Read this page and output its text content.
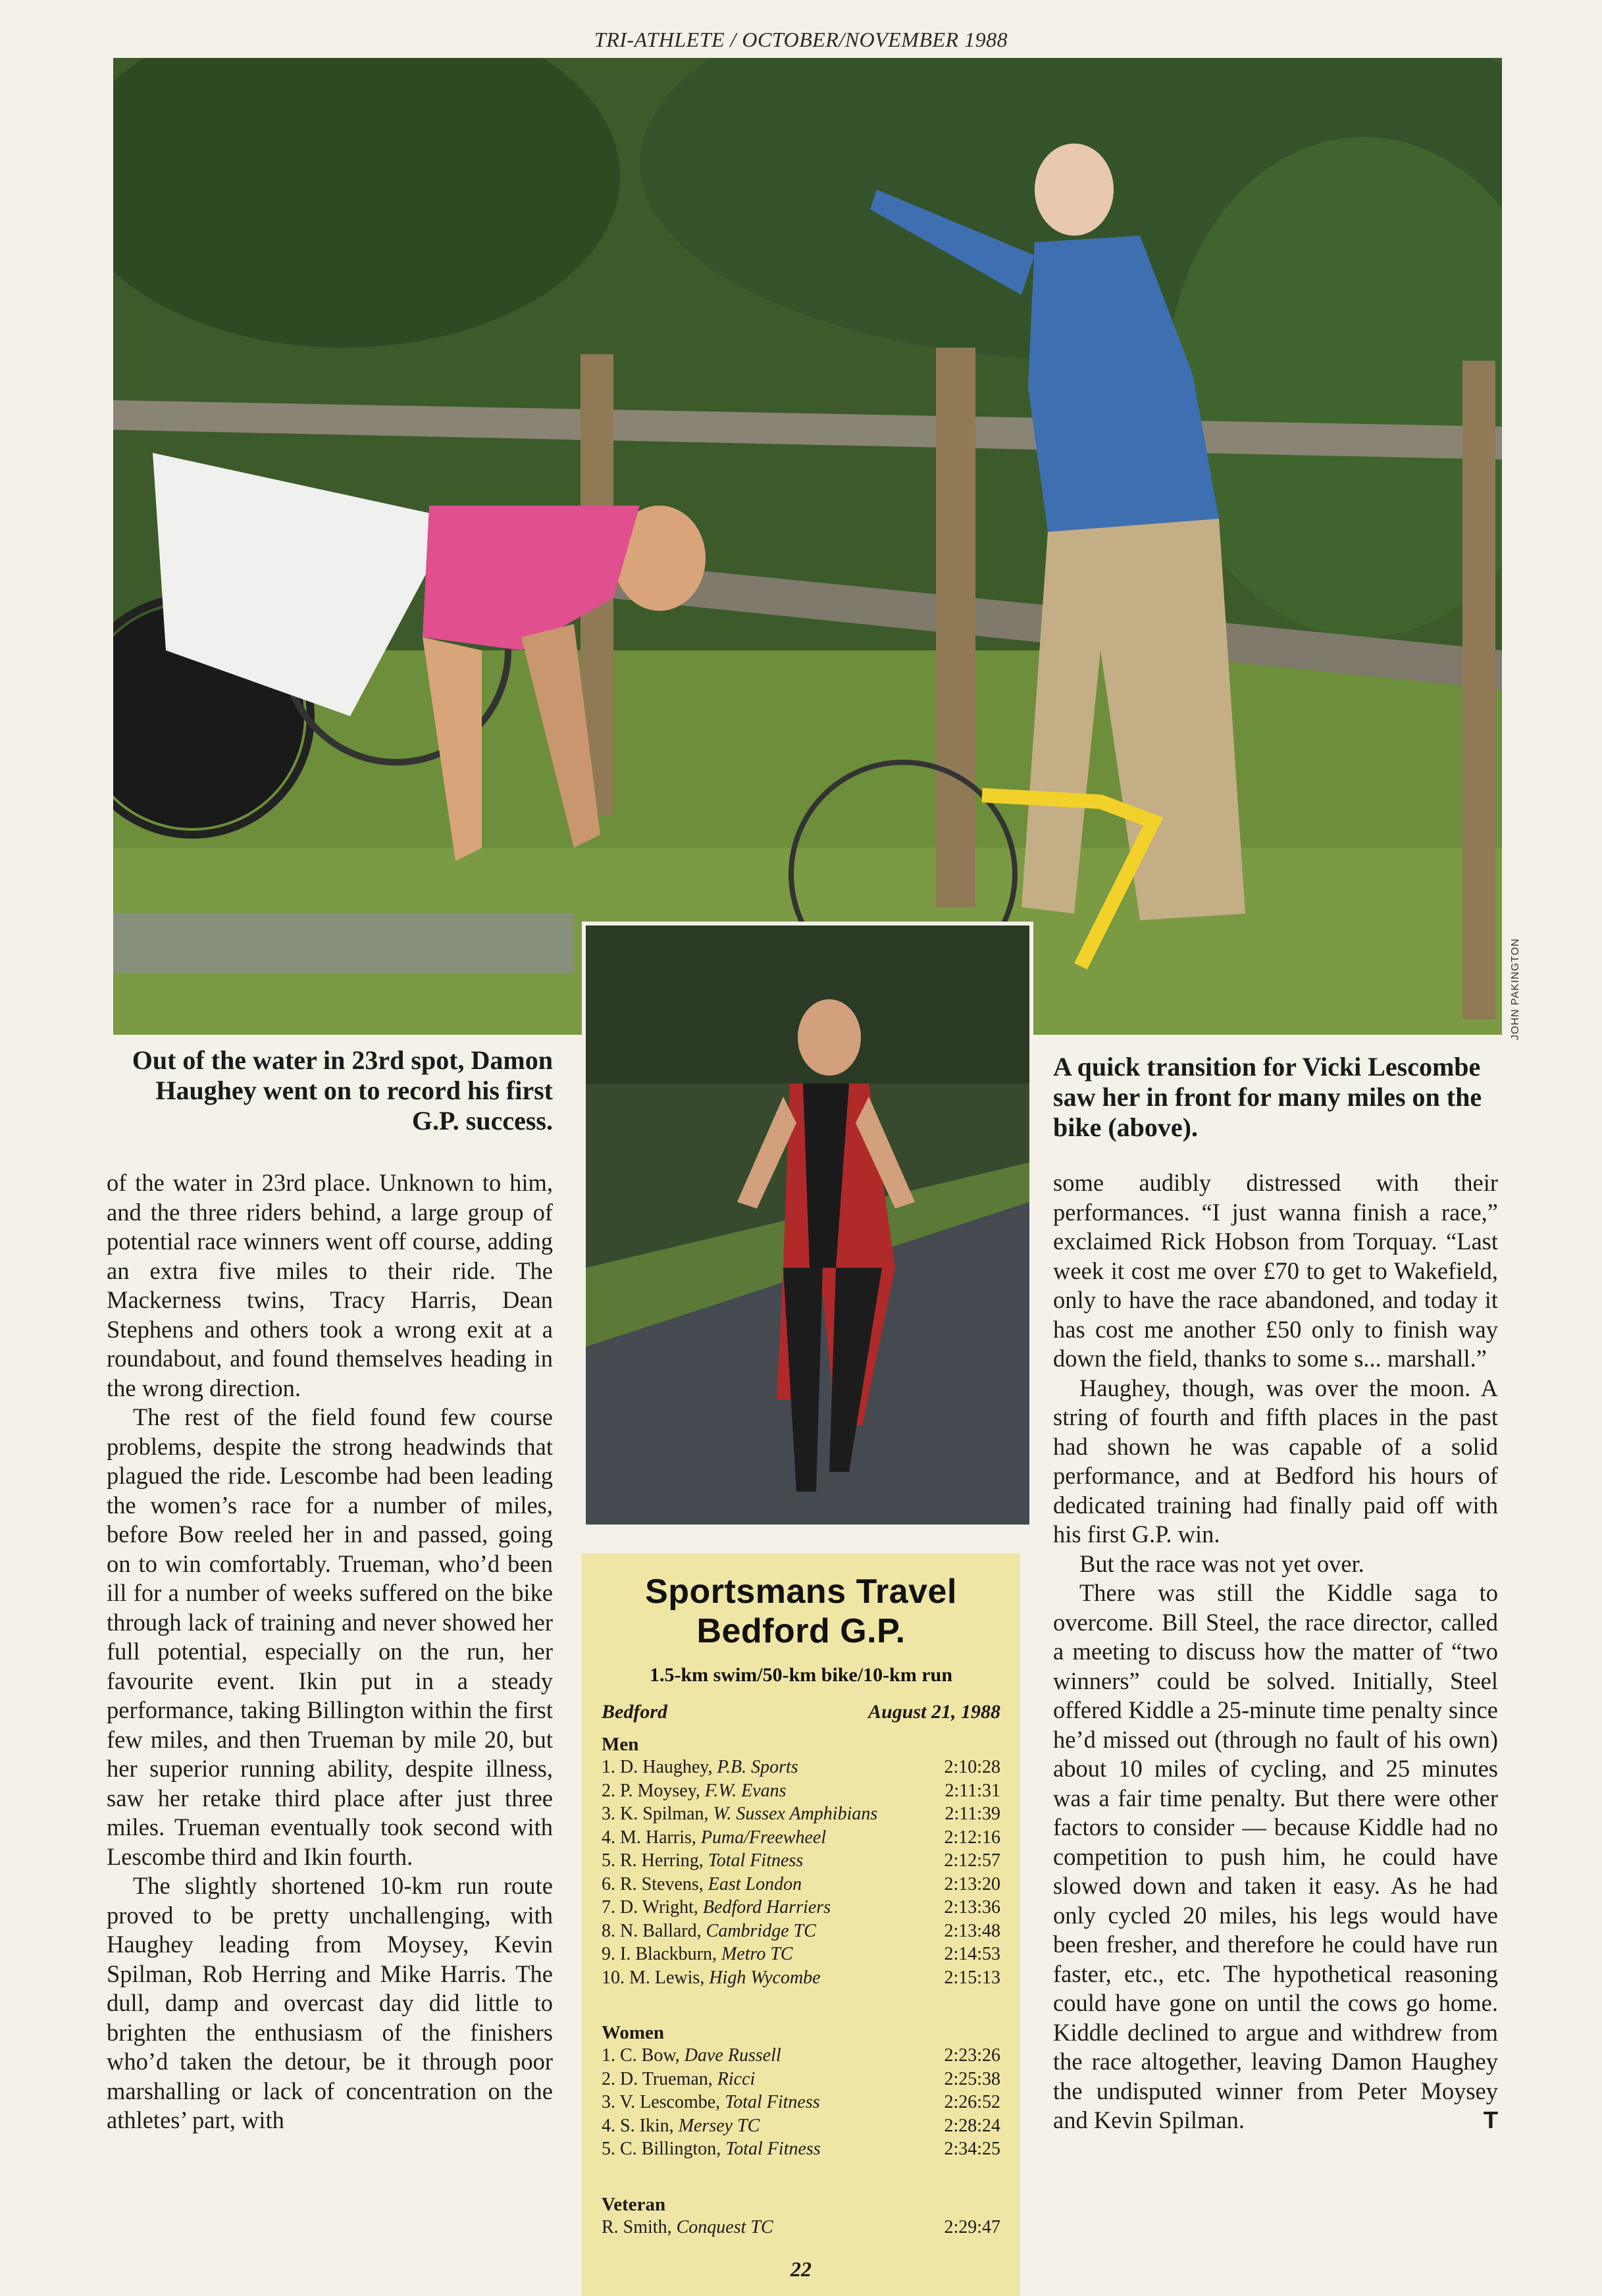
TRI-ATHLETE / OCTOBER/NOVEMBER 1988
JOHN PAKINGTON
Out of the water in 23rd spot, Damon Haughey went on to record his first G.P. success.
A quick transition for Vicki Lescombe saw her in front for many miles on the bike (above).

of the water in 23rd place. Unknown to him, and the three riders behind, a large group of potential race winners went off course, adding an extra five miles to their ride. The Mackerness twins, Tracy Harris, Dean Stephens and others took a wrong exit at a roundabout, and found themselves heading in the wrong direction.

The rest of the field found few course problems, despite the strong headwinds that plagued the ride. Lescombe had been leading the women’s race for a number of miles, before Bow reeled her in and passed, going on to win comfortably. Trueman, who’d been ill for a number of weeks suffered on the bike through lack of training and never showed her full potential, especially on the run, her favourite event. Ikin put in a steady performance, taking Billington within the first few miles, and then Trueman by mile 20, but her superior running ability, despite illness, saw her retake third place after just three miles. Trueman eventually took second with Lescombe third and Ikin fourth.

The slightly shortened 10-km run route proved to be pretty unchallenging, with Haughey leading from Moysey, Kevin Spilman, Rob Herring and Mike Harris. The dull, damp and overcast day did little to brighten the enthusiasm of the finishers who’d taken the detour, be it through poor marshalling or lack of concentration on the athletes’ part, with

some audibly distressed with their performances. “I just wanna finish a race,” exclaimed Rick Hobson from Torquay. “Last week it cost me over £70 to get to Wakefield, only to have the race abandoned, and today it has cost me another £50 only to finish way down the field, thanks to some s... marshall.”

Haughey, though, was over the moon. A string of fourth and fifth places in the past had shown he was capable of a solid performance, and at Bedford his hours of dedicated training had finally paid off with his first G.P. win.

But the race was not yet over.

There was still the Kiddle saga to overcome. Bill Steel, the race director, called a meeting to discuss how the matter of “two winners” could be solved. Initially, Steel offered Kiddle a 25-minute time penalty since he’d missed out (through no fault of his own) about 10 miles of cycling, and 25 minutes was a fair time penalty. But there were other factors to consider — because Kiddle had no competition to push him, he could have slowed down and taken it easy. As he had only cycled 20 miles, his legs would have been fresher, and therefore he could have run faster, etc., etc. The hypothetical reasoning could have gone on until the cows go home. Kiddle declined to argue and withdrew from the race altogether, leaving Damon Haughey the undisputed winner from Peter Moysey and Kevin Spilman.	T

Sportsmans Travel Bedford G.P.
1.5-km swim/50-km bike/10-km run
Bedford	August 21, 1988
Men
1. D. Haughey, P.B. Sports	2:10:28
2. P. Moysey, F.W. Evans	2:11:31
3. K. Spilman, W. Sussex Amphibians	2:11:39
4. M. Harris, Puma/Freewheel	2:12:16
5. R. Herring, Total Fitness	2:12:57
6. R. Stevens, East London	2:13:20
7. D. Wright, Bedford Harriers	2:13:36
8. N. Ballard, Cambridge TC	2:13:48
9. I. Blackburn, Metro TC	2:14:53
10. M. Lewis, High Wycombe	2:15:13
Women
1. C. Bow, Dave Russell	2:23:26
2. D. Trueman, Ricci	2:25:38
3. V. Lescombe, Total Fitness	2:26:52
4. S. Ikin, Mersey TC	2:28:24
5. C. Billington, Total Fitness	2:34:25
Veteran
R. Smith, Conquest TC	2:29:47
22
